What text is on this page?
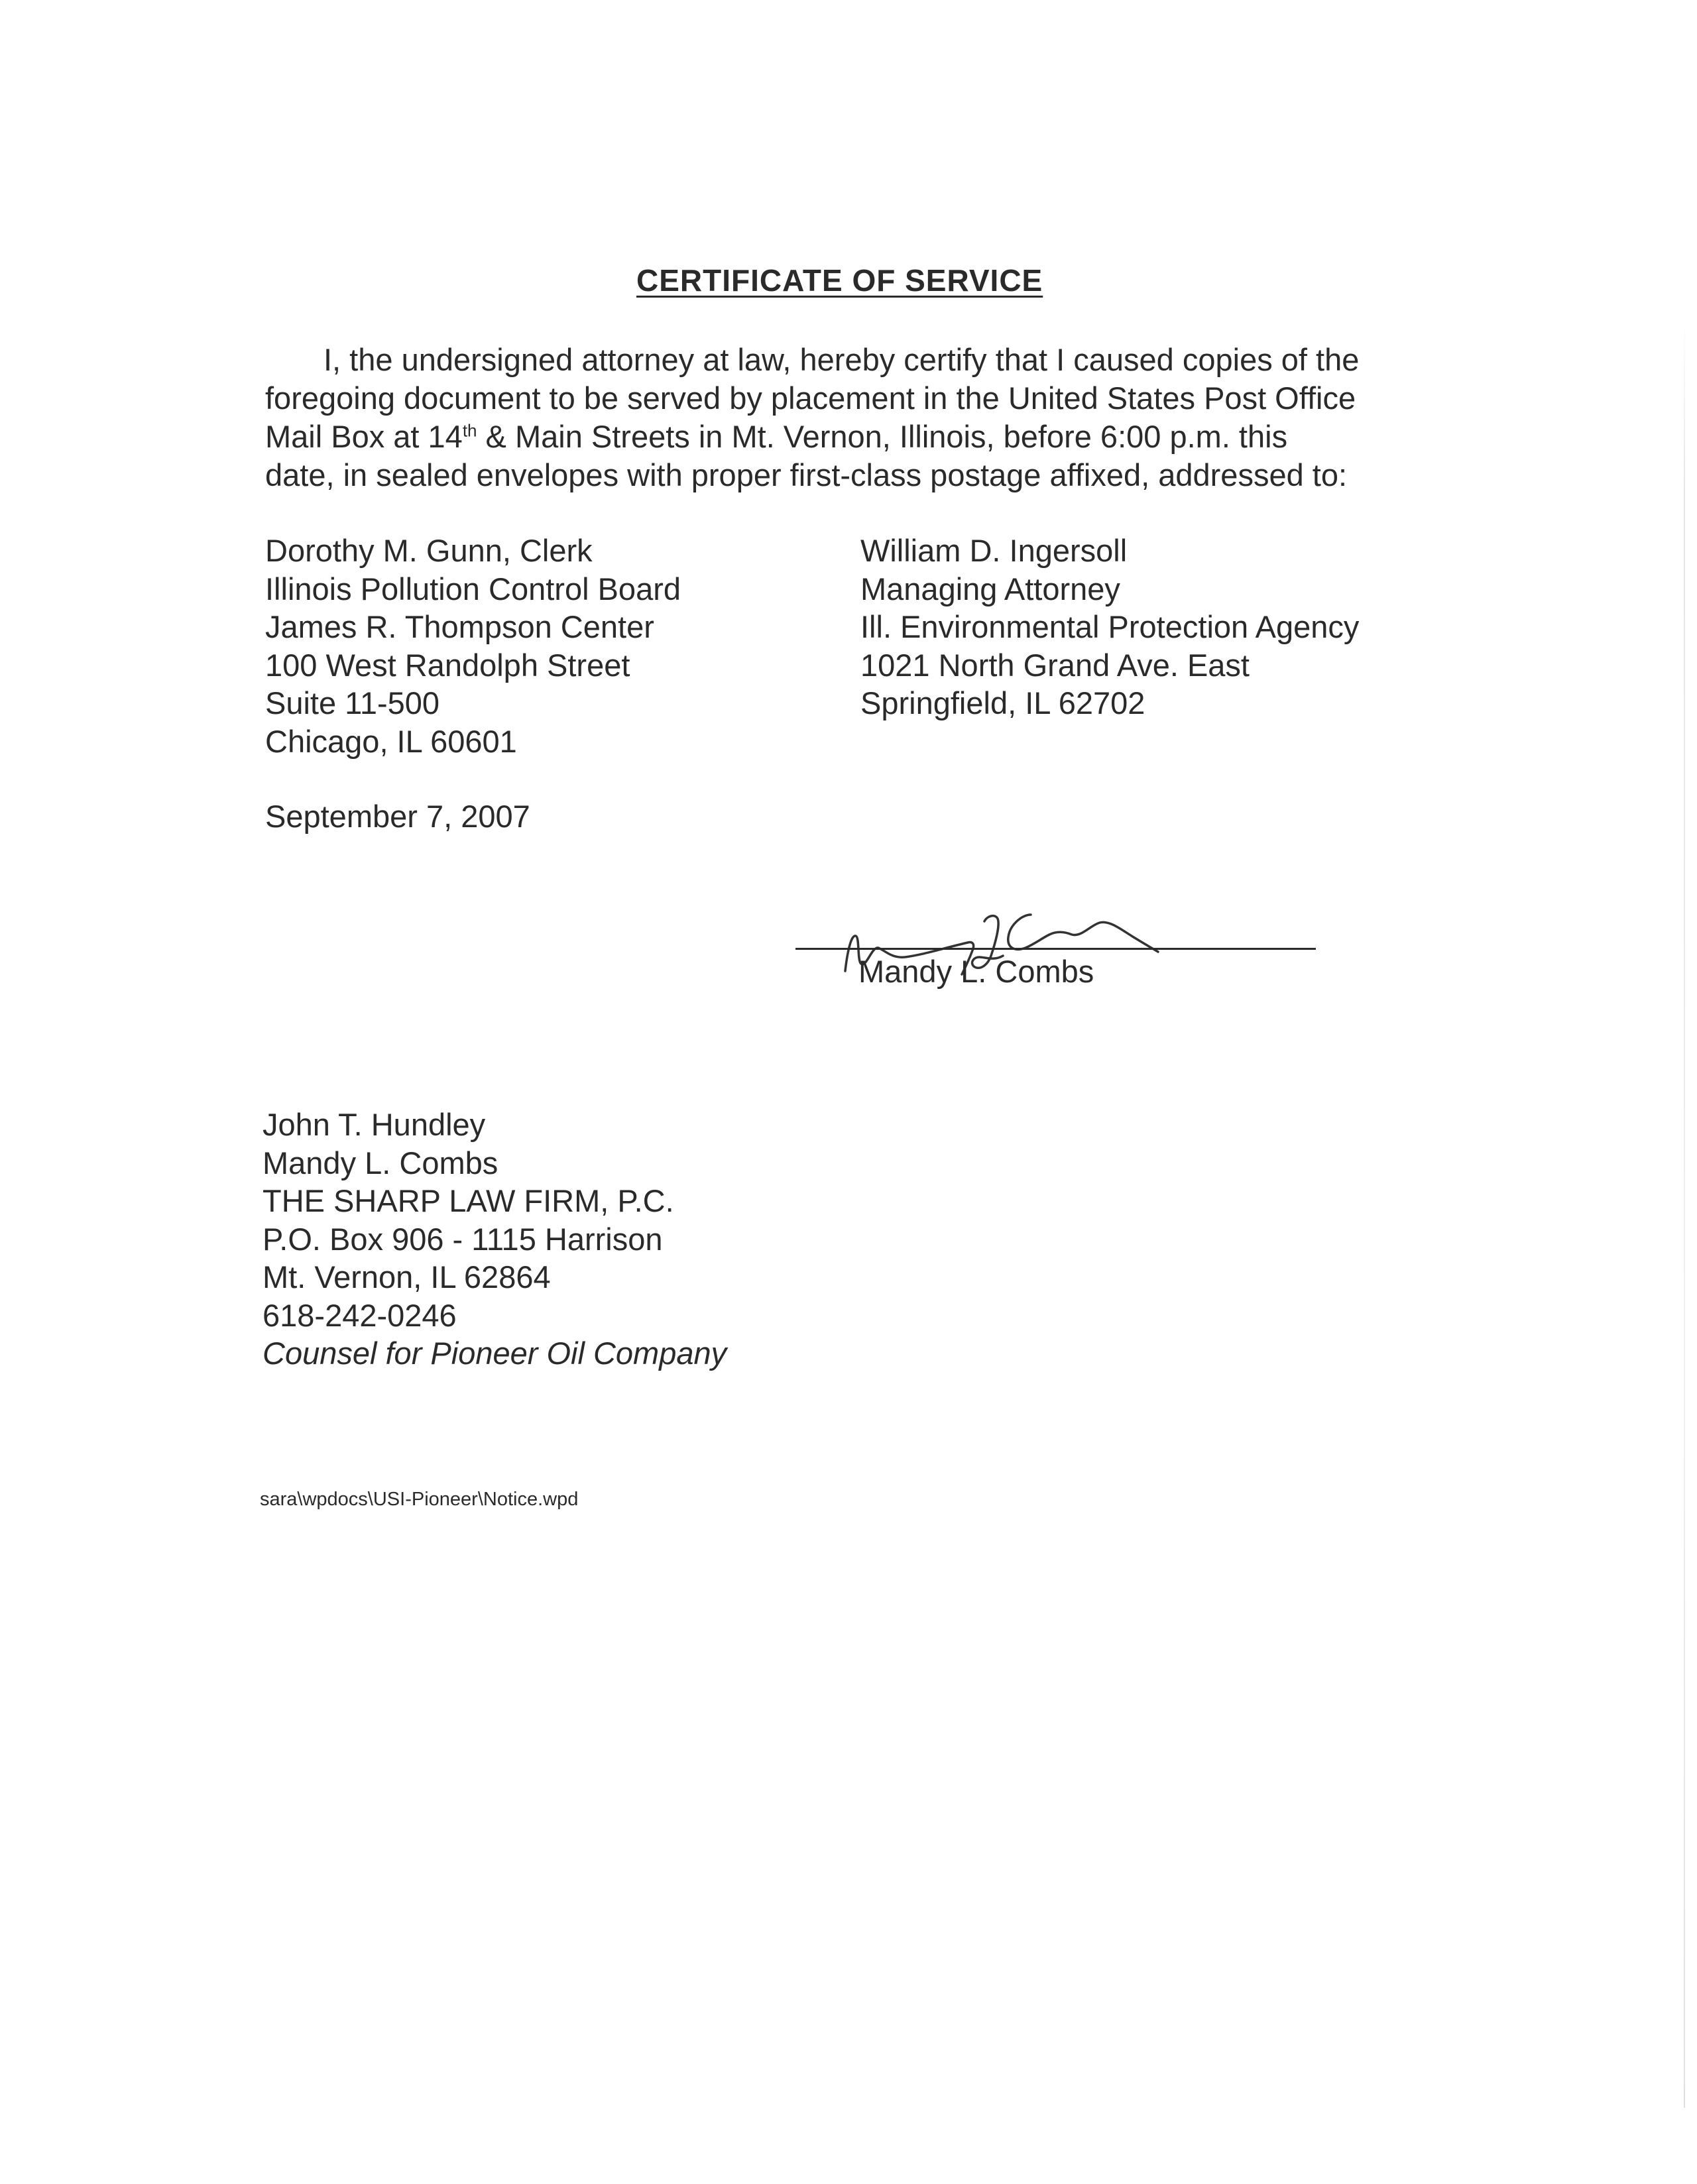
CERTIFICATE OF SERVICE
I, the undersigned attorney at law, hereby certify that I caused copies of the
foregoing document to be served by placement in the United States Post Office
Mail Box at 14th & Main Streets in Mt. Vernon, Illinois, before 6:00 p.m. this
date, in sealed envelopes with proper first-class postage affixed, addressed to:
Dorothy M. Gunn, Clerk
Illinois Pollution Control Board
James R. Thompson Center
100 West Randolph Street
Suite 11-500
Chicago, IL 60601
William D. Ingersoll
Managing Attorney
Ill. Environmental Protection Agency
1021 North Grand Ave. East
Springfield, IL 62702
September 7, 2007
Mandy L. Combs
John T. Hundley
Mandy L. Combs
THE SHARP LAW FIRM, P.C.
P.O. Box 906 - 1115 Harrison
Mt. Vernon, IL 62864
618-242-0246
Counsel for Pioneer Oil Company
sara\wpdocs\USI-Pioneer\Notice.wpd
